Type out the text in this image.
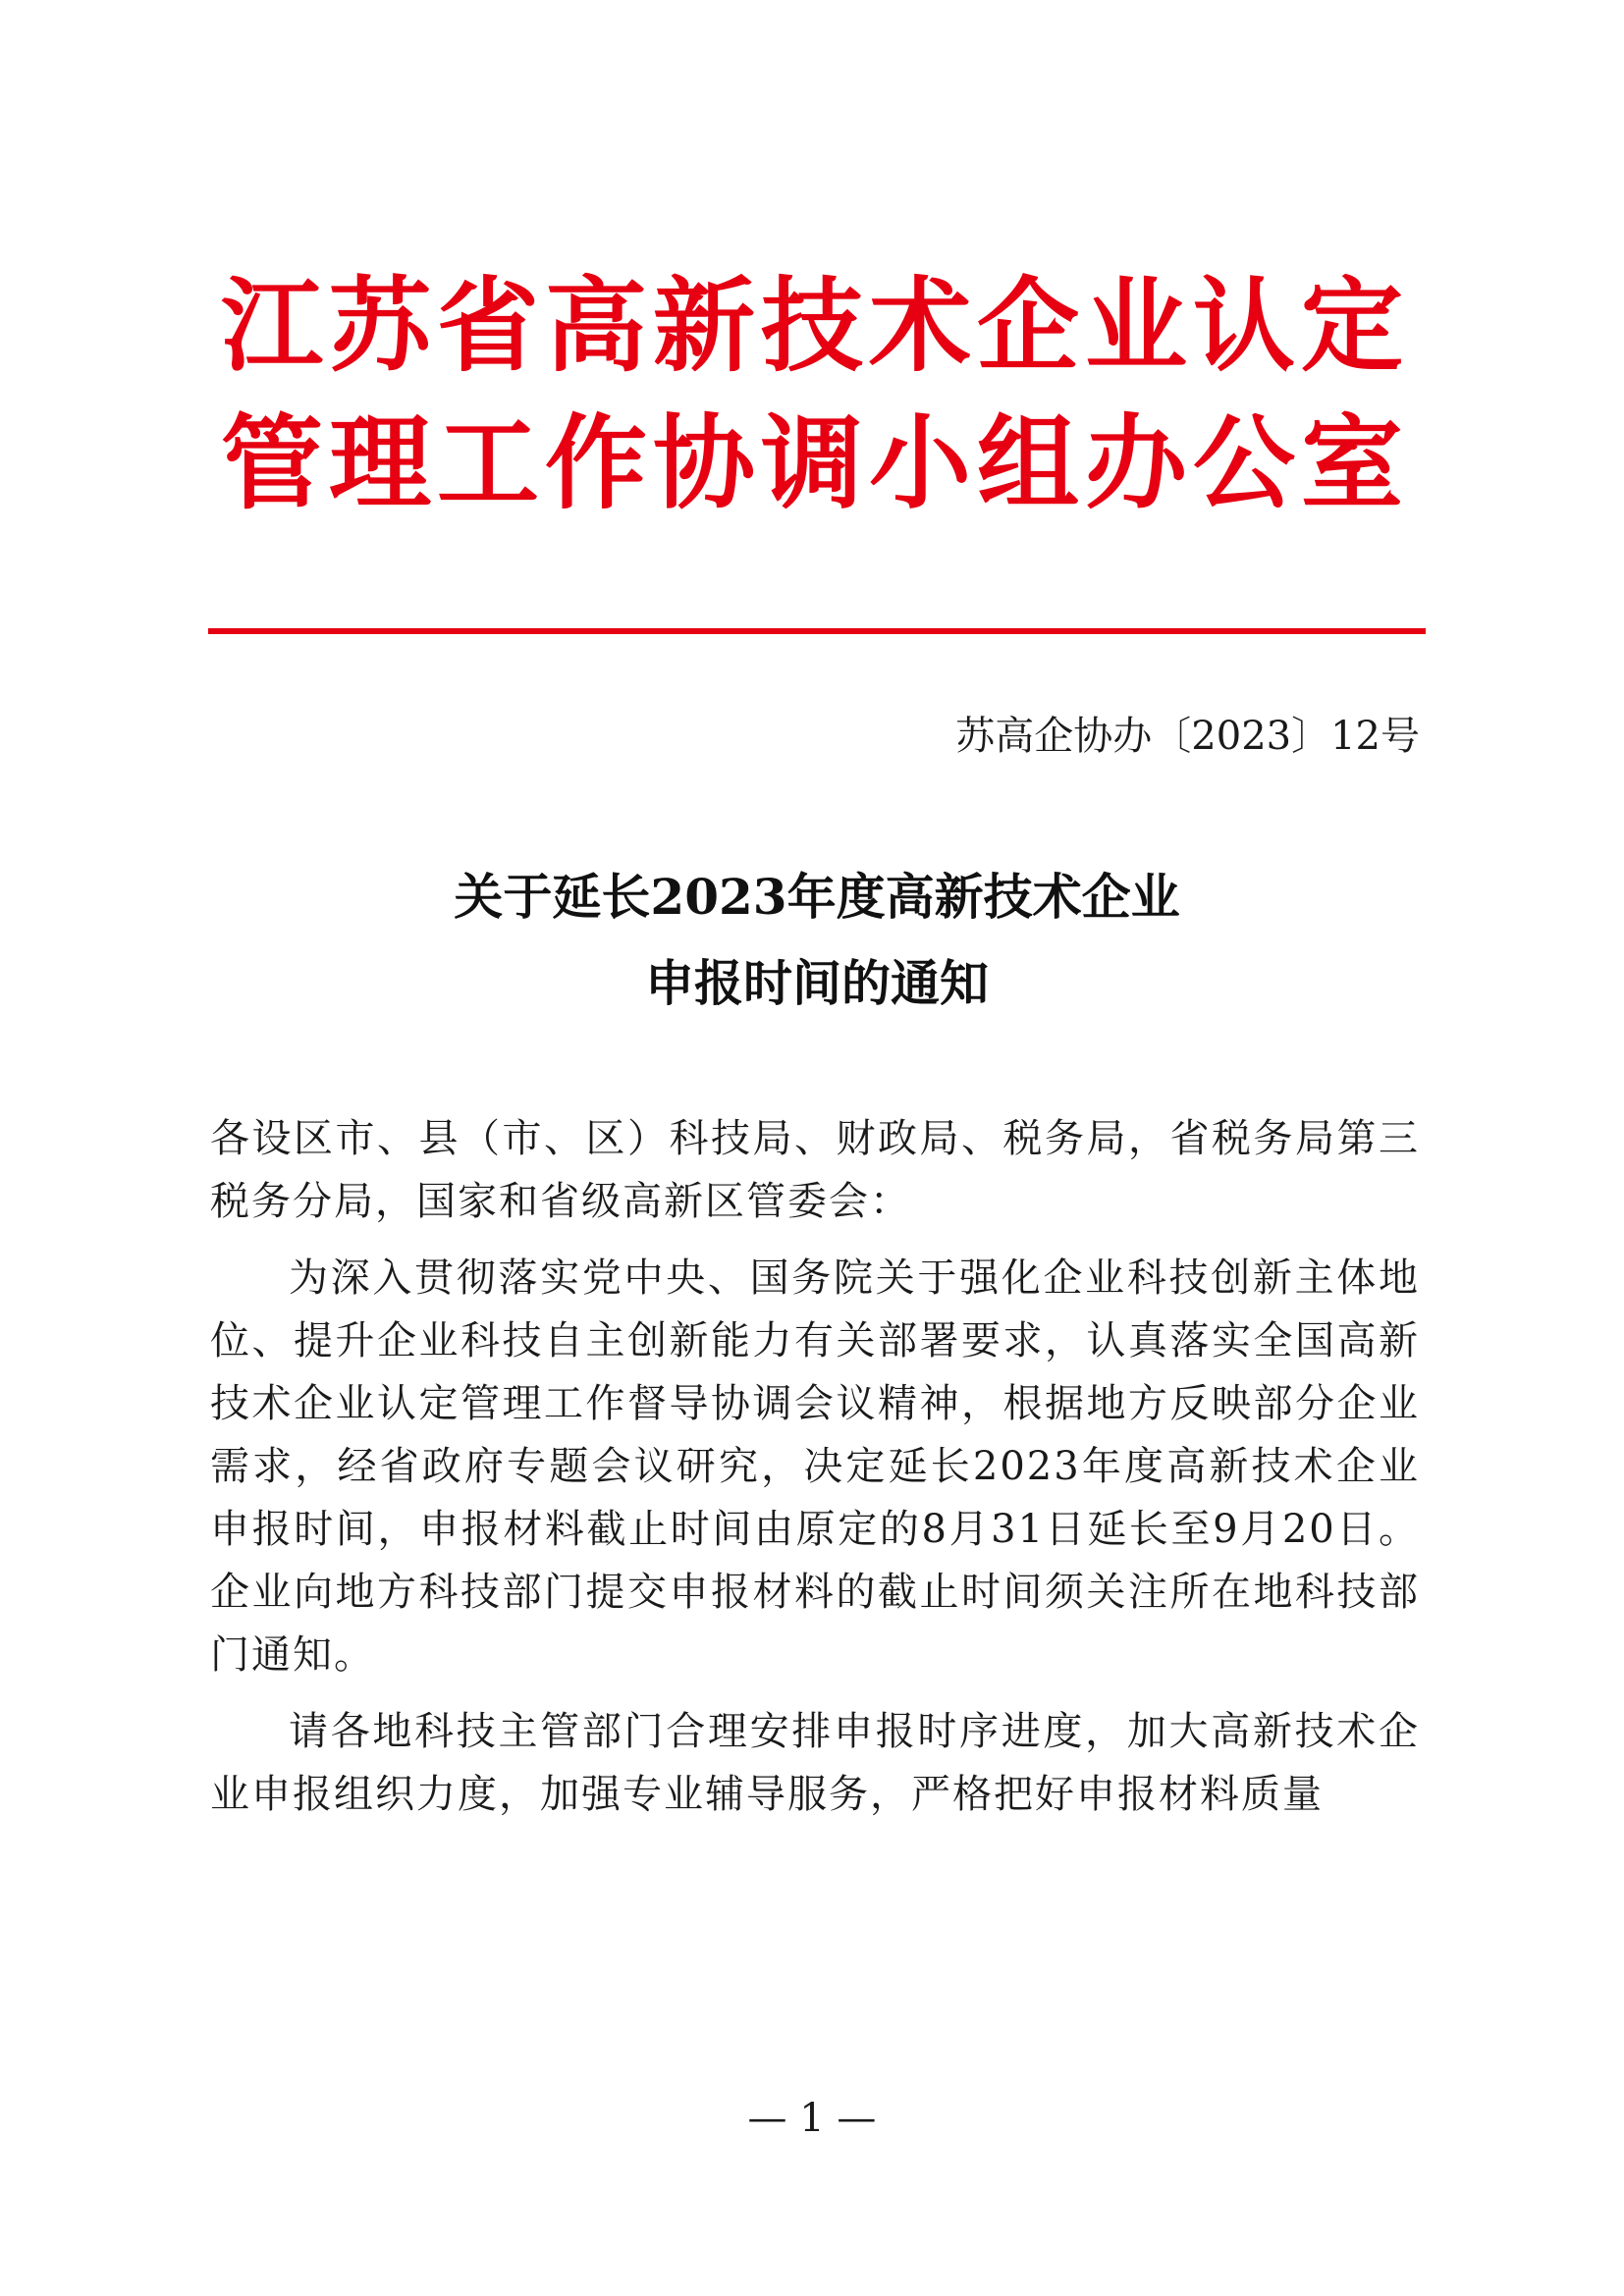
江苏省高新技术企业认定
管理工作协调小组办公室
苏高企协办〔2023〕12号
关于延长2023年度高新技术企业
申报时间的通知

各设区市、县（市、区）科技局、财政局、税务局，省税务局第三税务分局，国家和省级高新区管委会：

为深入贯彻落实党中央、国务院关于强化企业科技创新主体地位、提升企业科技自主创新能力有关部署要求，认真落实全国高新技术企业认定管理工作督导协调会议精神，根据地方反映部分企业需求，经省政府专题会议研究，决定延长2023年度高新技术企业申报时间，申报材料截止时间由原定的8月31日延长至9月20日。企业向地方科技部门提交申报材料的截止时间须关注所在地科技部门通知。

请各地科技主管部门合理安排申报时序进度，加大高新技术企业申报组织力度，加强专业辅导服务，严格把好申报材料质量

— 1 —
